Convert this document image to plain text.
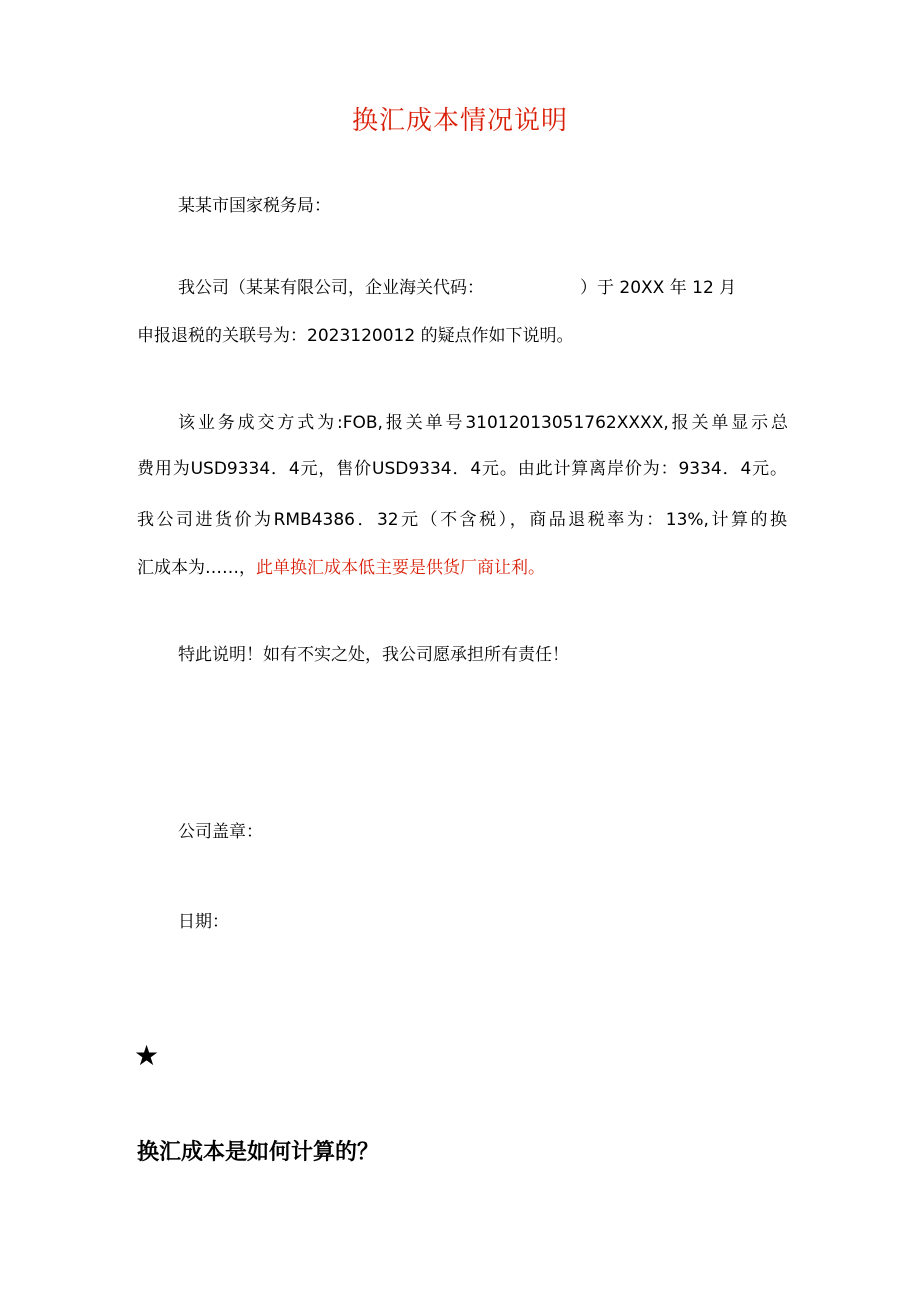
换汇成本情况说明
某某市国家税务局：
我公司（某某有限公司，企业海关代码：	）于 20XX 年 12 月
申报退税的关联号为：2023120012 的疑点作如下说明。
该业务成交方式为:FOB,报关单号31012013051762XXXX,报关单显示总
费用为USD9334．4元，售价USD9334．4元。由此计算离岸价为：9334．4元。
我公司进货价为RMB4386．32元（不含税），商品退税率为：13%,计算的换
汇成本为……，此单换汇成本低主要是供货厂商让利。
特此说明！如有不实之处，我公司愿承担所有责任！
公司盖章：
日期：
★
换汇成本是如何计算的？
